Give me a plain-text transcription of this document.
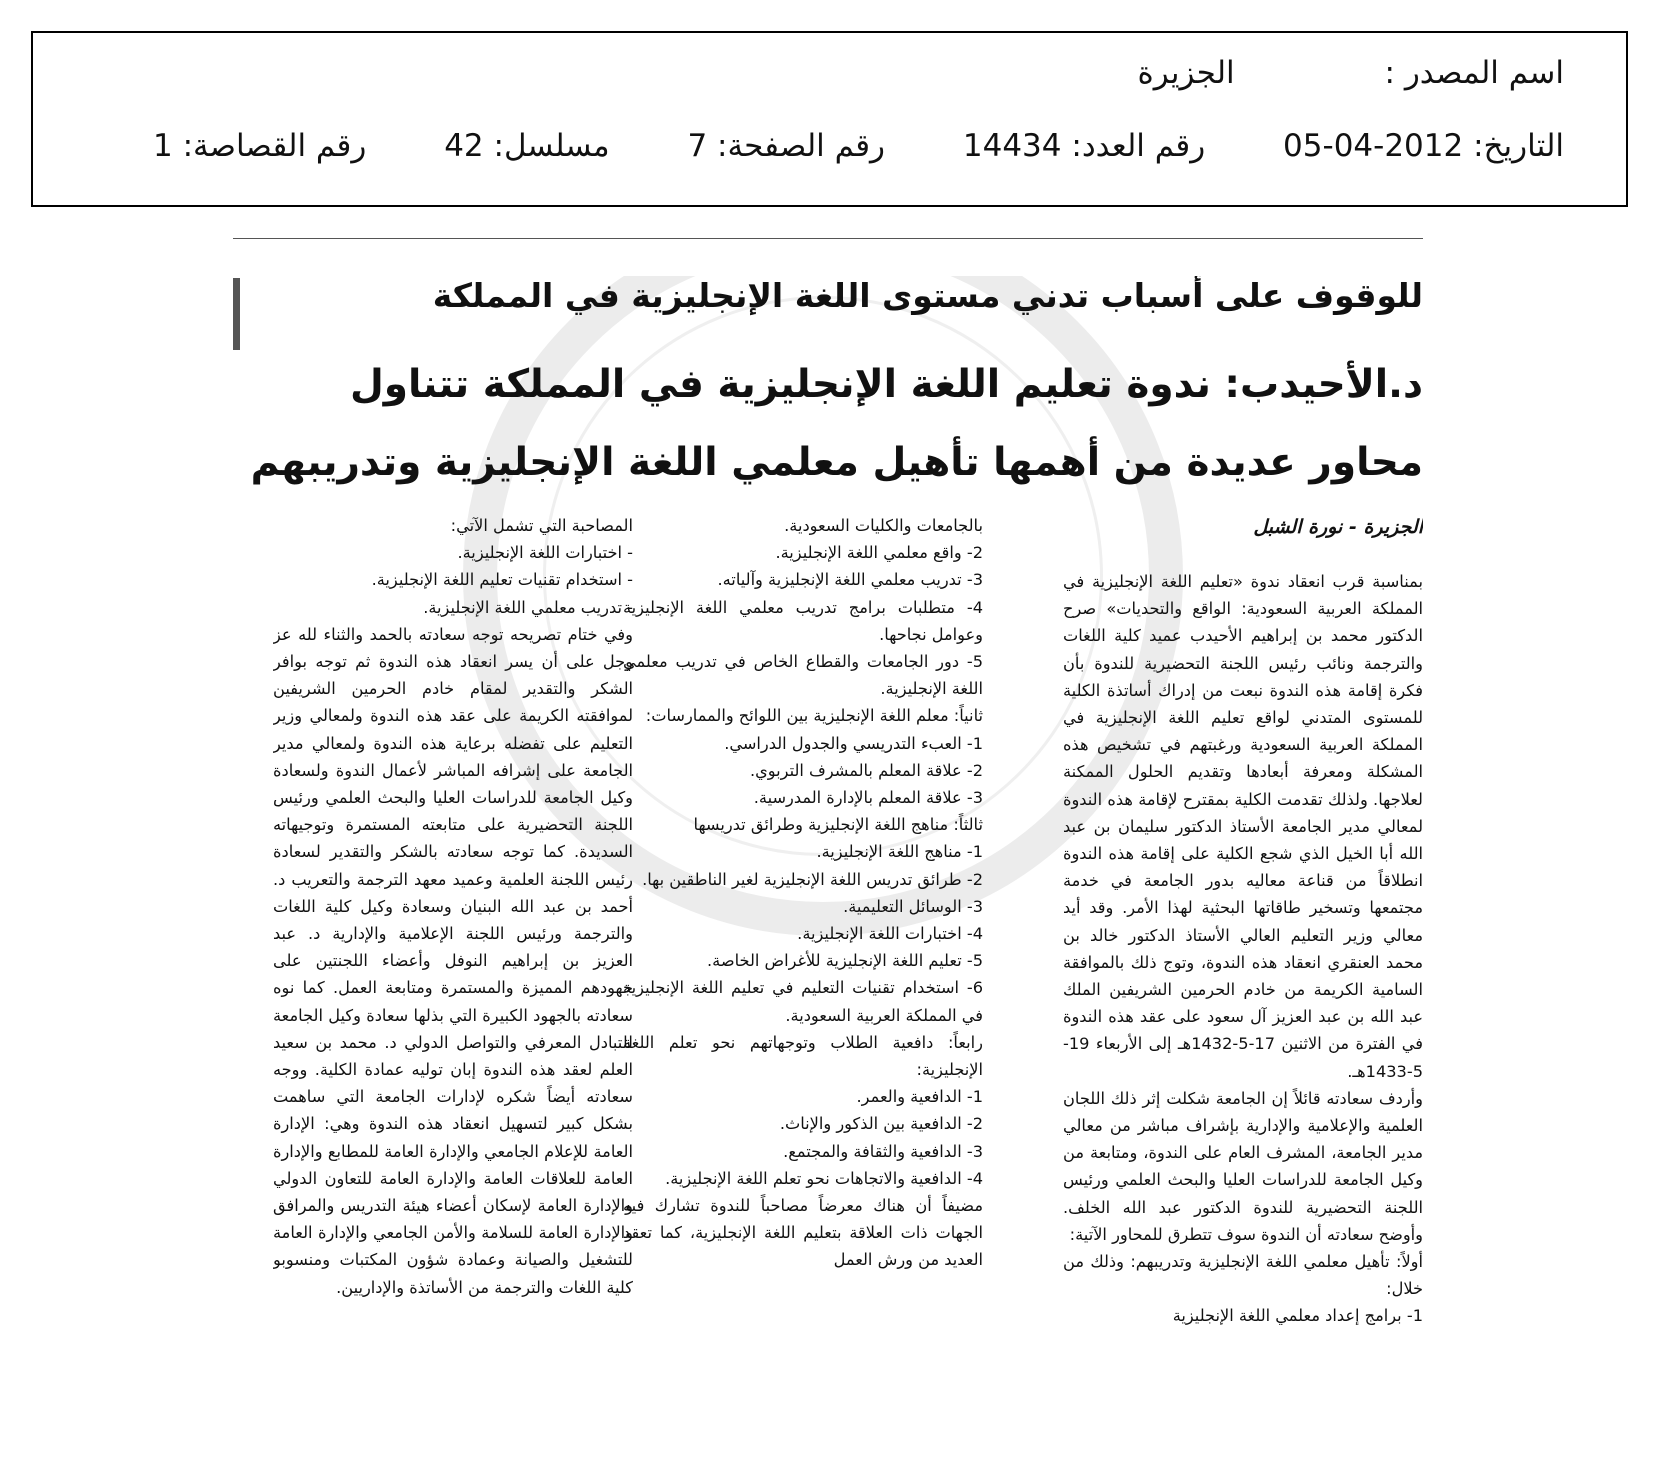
اسم المصدر : الجزيرة
التاريخ: 2012-04-05 رقم العدد: 14434 رقم الصفحة: 7 مسلسل: 42 رقم القصاصة: 1
للوقوف على أسباب تدني مستوى اللغة الإنجليزية في المملكة
د.الأحيدب: ندوة تعليم اللغة الإنجليزية في المملكة تتناول
محاور عديدة من أهمها تأهيل معلمي اللغة الإنجليزية وتدريبهم
الجزيرة - نورة الشبل

بمناسبة قرب انعقاد ندوة «تعليم اللغة الإنجليزية في المملكة العربية السعودية: الواقع والتحديات» صرح الدكتور محمد بن إبراهيم الأحيدب عميد كلية اللغات والترجمة ونائب رئيس اللجنة التحضيرية للندوة بأن فكرة إقامة هذه الندوة نبعت من إدراك أساتذة الكلية للمستوى المتدني لواقع تعليم اللغة الإنجليزية في المملكة العربية السعودية ورغبتهم في تشخيص هذه المشكلة ومعرفة أبعادها وتقديم الحلول الممكنة لعلاجها. ولذلك تقدمت الكلية بمقترح لإقامة هذه الندوة لمعالي مدير الجامعة الأستاذ الدكتور سليمان بن عبد الله أبا الخيل الذي شجع الكلية على إقامة هذه الندوة انطلاقاً من قناعة معاليه بدور الجامعة في خدمة مجتمعها وتسخير طاقاتها البحثية لهذا الأمر. وقد أيد معالي وزير التعليم العالي الأستاذ الدكتور خالد بن محمد العنقري انعقاد هذه الندوة، وتوج ذلك بالموافقة السامية الكريمة من خادم الحرمين الشريفين الملك عبد الله بن عبد العزيز آل سعود على عقد هذه الندوة في الفترة من الاثنين 17-5-1432هـ إلى الأربعاء 19-5-1433هـ.

وأردف سعادته قائلاً إن الجامعة شكلت إثر ذلك اللجان العلمية والإعلامية والإدارية بإشراف مباشر من معالي مدير الجامعة، المشرف العام على الندوة، ومتابعة من وكيل الجامعة للدراسات العليا والبحث العلمي ورئيس اللجنة التحضيرية للندوة الدكتور عبد الله الخلف. وأوضح سعادته أن الندوة سوف تتطرق للمحاور الآتية:

أولاً: تأهيل معلمي اللغة الإنجليزية وتدريبهم: وذلك من خلال:

1- برامج إعداد معلمي اللغة الإنجليزية

بالجامعات والكليات السعودية.

2- واقع معلمي اللغة الإنجليزية.

3- تدريب معلمي اللغة الإنجليزية وآلياته.

4- متطلبات برامج تدريب معلمي اللغة الإنجليزية وعوامل نجاحها.

5- دور الجامعات والقطاع الخاص في تدريب معلمي اللغة الإنجليزية.

ثانياً: معلم اللغة الإنجليزية بين اللوائح والممارسات:

1- العبء التدريسي والجدول الدراسي.

2- علاقة المعلم بالمشرف التربوي.

3- علاقة المعلم بالإدارة المدرسية.

ثالثاً: مناهج اللغة الإنجليزية وطرائق تدريسها

1- مناهج اللغة الإنجليزية.

2- طرائق تدريس اللغة الإنجليزية لغير الناطقين بها.

3- الوسائل التعليمية.

4- اختبارات اللغة الإنجليزية.

5- تعليم اللغة الإنجليزية للأغراض الخاصة.

6- استخدام تقنيات التعليم في تعليم اللغة الإنجليزية في المملكة العربية السعودية.

رابعاً: دافعية الطلاب وتوجهاتهم نحو تعلم اللغة الإنجليزية:

1- الدافعية والعمر.

2- الدافعية بين الذكور والإناث.

3- الدافعية والثقافة والمجتمع.

4- الدافعية والاتجاهات نحو تعلم اللغة الإنجليزية.

مضيفاً أن هناك معرضاً مصاحباً للندوة تشارك فيه الجهات ذات العلاقة بتعليم اللغة الإنجليزية، كما تعقد العديد من ورش العمل

المصاحبة التي تشمل الآتي:

- اختبارات اللغة الإنجليزية.

- استخدام تقنيات تعليم اللغة الإنجليزية.

- تدريب معلمي اللغة الإنجليزية.

وفي ختام تصريحه توجه سعادته بالحمد والثناء لله عز وجل على أن يسر انعقاد هذه الندوة ثم توجه بوافر الشكر والتقدير لمقام خادم الحرمين الشريفين لموافقته الكريمة على عقد هذه الندوة ولمعالي وزير التعليم على تفضله برعاية هذه الندوة ولمعالي مدير الجامعة على إشرافه المباشر لأعمال الندوة ولسعادة وكيل الجامعة للدراسات العليا والبحث العلمي ورئيس اللجنة التحضيرية على متابعته المستمرة وتوجيهاته السديدة. كما توجه سعادته بالشكر والتقدير لسعادة رئيس اللجنة العلمية وعميد معهد الترجمة والتعريب د. أحمد بن عبد الله البنيان وسعادة وكيل كلية اللغات والترجمة ورئيس اللجنة الإعلامية والإدارية د. عبد العزيز بن إبراهيم النوفل وأعضاء اللجنتين على جهودهم المميزة والمستمرة ومتابعة العمل. كما نوه سعادته بالجهود الكبيرة التي بذلها سعادة وكيل الجامعة للتبادل المعرفي والتواصل الدولي د. محمد بن سعيد العلم لعقد هذه الندوة إبان توليه عمادة الكلية. ووجه سعادته أيضاً شكره لإدارات الجامعة التي ساهمت بشكل كبير لتسهيل انعقاد هذه الندوة وهي: الإدارة العامة للإعلام الجامعي والإدارة العامة للمطابع والإدارة العامة للعلاقات العامة والإدارة العامة للتعاون الدولي والإدارة العامة لإسكان أعضاء هيئة التدريس والمرافق والإدارة العامة للسلامة والأمن الجامعي والإدارة العامة للتشغيل والصيانة وعمادة شؤون المكتبات ومنسوبو كلية اللغات والترجمة من الأساتذة والإداريين.
